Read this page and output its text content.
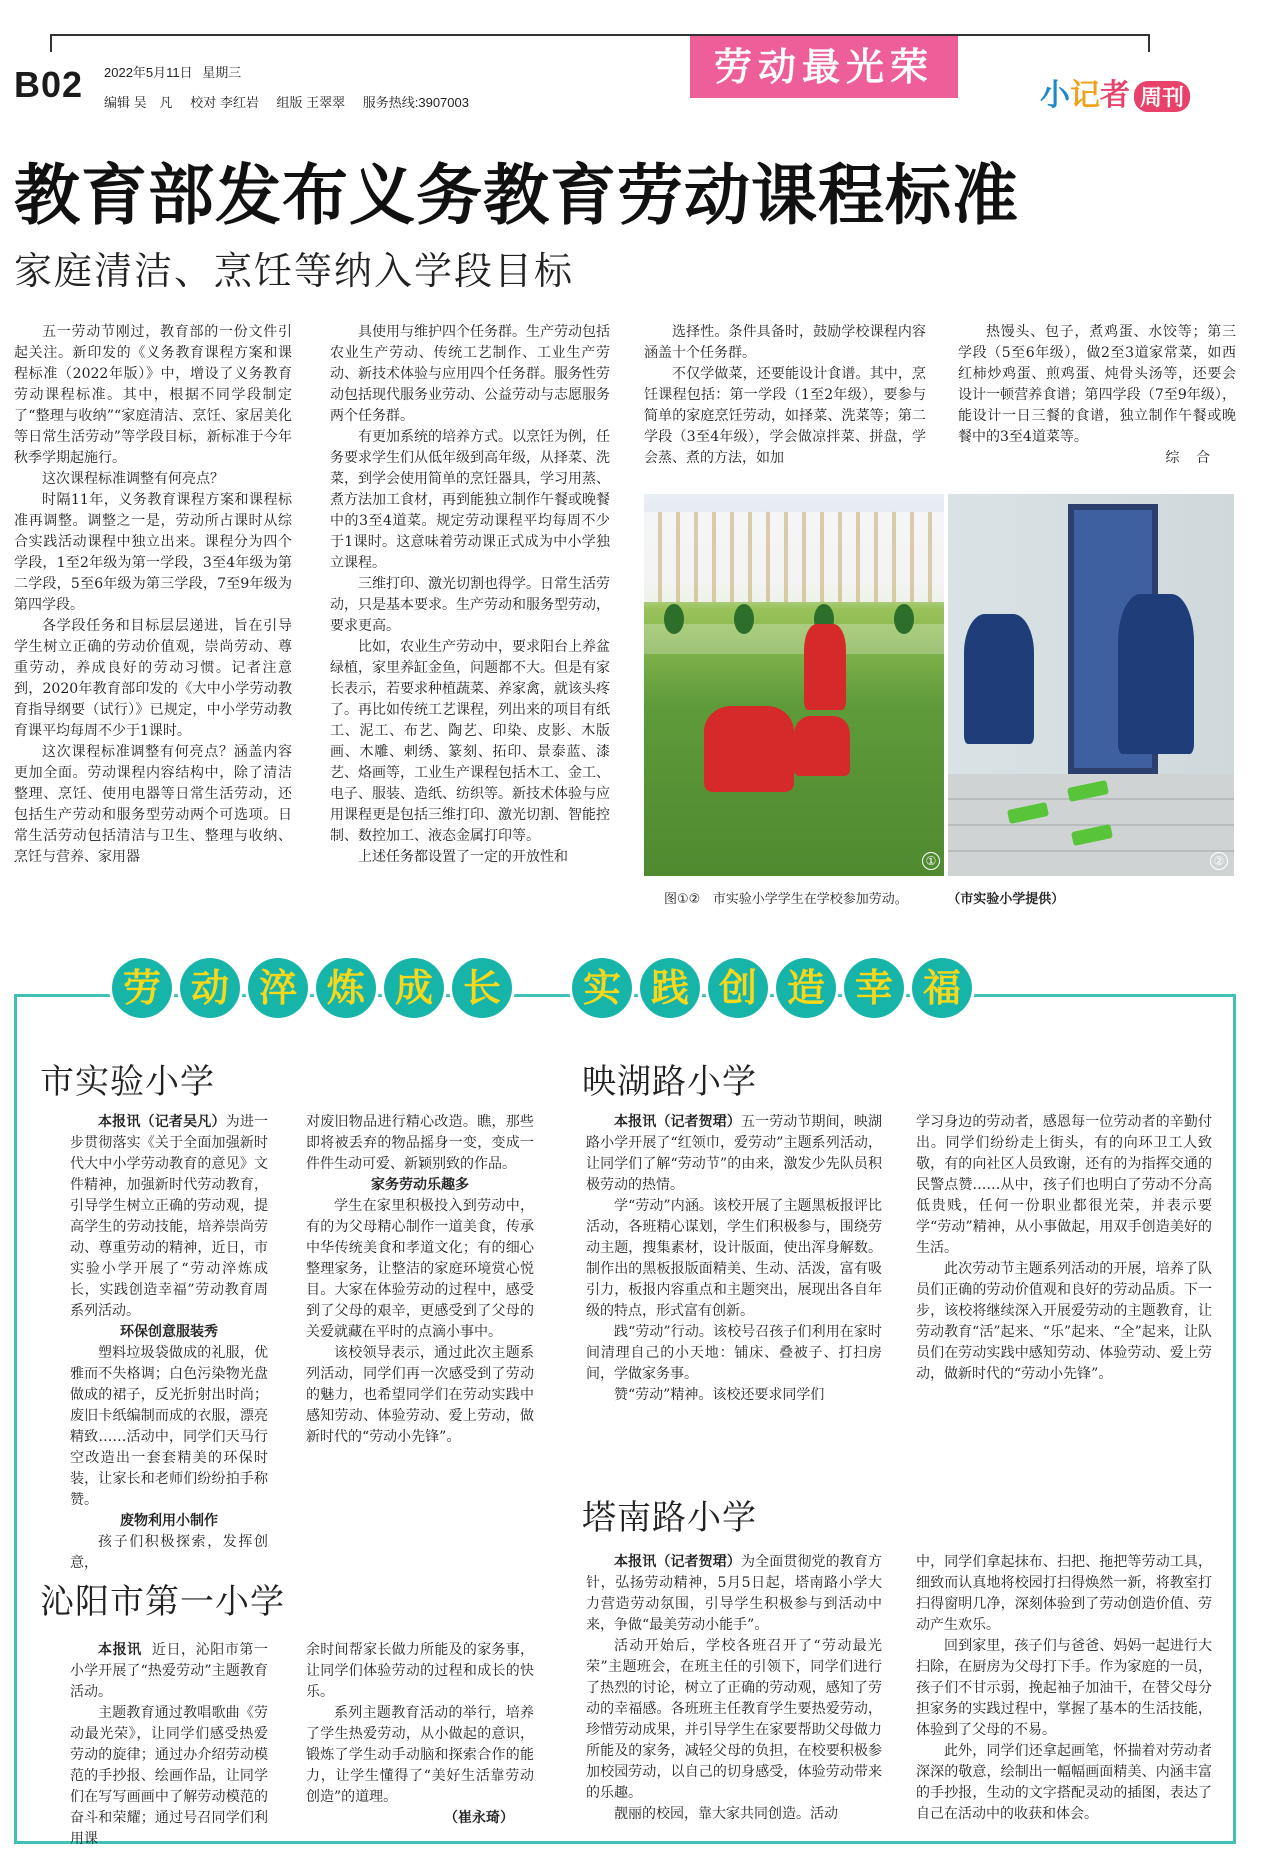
B02 2022年5月11日 星期三
编辑 吴　凡 校对 李红岩 组版 王翠翠 服务热线:3907003
劳动最光荣
小记者 周刊
教育部发布义务教育劳动课程标准
家庭清洁、烹饪等纳入学段目标

五一劳动节刚过，教育部的一份文件引起关注。新印发的《义务教育课程方案和课程标准（2022年版）》中，增设了义务教育劳动课程标准。其中，根据不同学段制定了“整理与收纳”“家庭清洁、烹饪、家居美化等日常生活劳动”等学段目标，新标准于今年秋季学期起施行。

这次课程标准调整有何亮点？

时隔11年，义务教育课程方案和课程标准再调整。调整之一是，劳动所占课时从综合实践活动课程中独立出来。课程分为四个学段，1至2年级为第一学段，3至4年级为第二学段，5至6年级为第三学段，7至9年级为第四学段。

各学段任务和目标层层递进，旨在引导学生树立正确的劳动价值观，崇尚劳动、尊重劳动，养成良好的劳动习惯。记者注意到，2020年教育部印发的《大中小学劳动教育指导纲要（试行）》已规定，中小学劳动教育课平均每周不少于1课时。

这次课程标准调整有何亮点？涵盖内容更加全面。劳动课程内容结构中，除了清洁整理、烹饪、使用电器等日常生活劳动，还包括生产劳动和服务型劳动两个可选项。日常生活劳动包括清洁与卫生、整理与收纳、烹饪与营养、家用器

具使用与维护四个任务群。生产劳动包括农业生产劳动、传统工艺制作、工业生产劳动、新技术体验与应用四个任务群。服务性劳动包括现代服务业劳动、公益劳动与志愿服务两个任务群。

有更加系统的培养方式。以烹饪为例，任务要求学生们从低年级到高年级，从择菜、洗菜，到学会使用简单的烹饪器具，学习用蒸、煮方法加工食材，再到能独立制作午餐或晚餐中的3至4道菜。规定劳动课程平均每周不少于1课时。这意味着劳动课正式成为中小学独立课程。

三维打印、激光切割也得学。日常生活劳动，只是基本要求。生产劳动和服务型劳动，要求更高。

比如，农业生产劳动中，要求阳台上养盆绿植，家里养缸金鱼，问题都不大。但是有家长表示，若要求种植蔬菜、养家禽，就该头疼了。再比如传统工艺课程，列出来的项目有纸工、泥工、布艺、陶艺、印染、皮影、木版画、木雕、剌绣、篆刻、拓印、景泰蓝、漆艺、烙画等，工业生产课程包括木工、金工、电子、服装、造纸、纺织等。新技术体验与应用课程更是包括三维打印、激光切割、智能控制、数控加工、液态金属打印等。

上述任务都设置了一定的开放性和

选择性。条件具备时，鼓励学校课程内容涵盖十个任务群。

不仅学做菜，还要能设计食谱。其中，烹饪课程包括：第一学段（1至2年级），要参与简单的家庭烹饪劳动，如择菜、洗菜等；第二学段（3至4年级），学会做凉拌菜、拼盘，学会蒸、煮的方法，如加

热馒头、包子，煮鸡蛋、水饺等；第三学段（5至6年级），做2至3道家常菜，如西红柿炒鸡蛋、煎鸡蛋、炖骨头汤等，还要会设计一顿营养食谱；第四学段（7至9年级），能设计一日三餐的食谱，独立制作午餐或晚餐中的3至4道菜等。

综 合

①	②
图①② 市实验小学学生在学校参加劳动。	（市实验小学提供）
劳 动 淬 炼 成 长 实 践 创 造 幸 福
市实验小学

本报讯（记者吴凡）为进一步贯彻落实《关于全面加强新时代大中小学劳动教育的意见》文件精神，加强新时代劳动教育，引导学生树立正确的劳动观，提高学生的劳动技能，培养崇尚劳动、尊重劳动的精神，近日，市实验小学开展了“劳动淬炼成长，实践创造幸福”劳动教育周系列活动。

环保创意服装秀

塑料垃圾袋做成的礼服，优雅而不失格调；白色污染物光盘做成的裙子，反光折射出时尚；废旧卡纸编制而成的衣服，漂亮精致……活动中，同学们天马行空改造出一套套精美的环保时装，让家长和老师们纷纷拍手称赞。

废物利用小制作

孩子们积极探索，发挥创意，

对废旧物品进行精心改造。瞧，那些即将被丢弃的物品摇身一变，变成一件件生动可爱、新颖别致的作品。

家务劳动乐趣多

学生在家里积极投入到劳动中，有的为父母精心制作一道美食，传承中华传统美食和孝道文化；有的细心整理家务，让整洁的家庭环境赏心悦目。大家在体验劳动的过程中，感受到了父母的艰辛，更感受到了父母的关爱就藏在平时的点滴小事中。

该校领导表示，通过此次主题系列活动，同学们再一次感受到了劳动的魅力，也希望同学们在劳动实践中感知劳动、体验劳动、爱上劳动，做新时代的“劳动小先锋”。

沁阳市第一小学

本报讯 近日，沁阳市第一小学开展了“热爱劳动”主题教育活动。

主题教育通过教唱歌曲《劳动最光荣》，让同学们感受热爱劳动的旋律；通过办介绍劳动模范的手抄报、绘画作品，让同学们在写写画画中了解劳动模范的奋斗和荣耀；通过号召同学们利用课

余时间帮家长做力所能及的家务事，让同学们体验劳动的过程和成长的快乐。

系列主题教育活动的举行，培养了学生热爱劳动，从小做起的意识，锻炼了学生动手动脑和探索合作的能力，让学生懂得了“美好生活靠劳动创造”的道理。

（崔永琦）

映湖路小学

本报讯（记者贺珺）五一劳动节期间，映湖路小学开展了“红领巾，爱劳动”主题系列活动，让同学们了解“劳动节”的由来，激发少先队员积极劳动的热情。

学“劳动”内涵。该校开展了主题黑板报评比活动，各班精心谋划，学生们积极参与，围绕劳动主题，搜集素材，设计版面，使出浑身解数。制作出的黑板报版面精美、生动、活泼，富有吸引力，板报内容重点和主题突出，展现出各自年级的特点，形式富有创新。

践“劳动”行动。该校号召孩子们利用在家时间清理自己的小天地：铺床、叠被子、打扫房间，学做家务事。

赞“劳动”精神。该校还要求同学们

学习身边的劳动者，感恩每一位劳动者的辛勤付出。同学们纷纷走上街头，有的向环卫工人致敬，有的向社区人员致谢，还有的为指挥交通的民警点赞……从中，孩子们也明白了劳动不分高低贵贱，任何一份职业都很光荣，并表示要学“劳动”精神，从小事做起，用双手创造美好的生活。

此次劳动节主题系列活动的开展，培养了队员们正确的劳动价值观和良好的劳动品质。下一步，该校将继续深入开展爱劳动的主题教育，让劳动教育“活”起来、“乐”起来、“全”起来，让队员们在劳动实践中感知劳动、体验劳动、爱上劳动，做新时代的“劳动小先锋”。

塔南路小学

本报讯（记者贺珺）为全面贯彻党的教育方针，弘扬劳动精神，5月5日起，塔南路小学大力营造劳动氛围，引导学生积极参与到活动中来，争做“最美劳动小能手”。

活动开始后，学校各班召开了“劳动最光荣”主题班会，在班主任的引领下，同学们进行了热烈的讨论，树立了正确的劳动观，感知了劳动的幸福感。各班班主任教育学生要热爱劳动，珍惜劳动成果，并引导学生在家要帮助父母做力所能及的家务，减轻父母的负担，在校要积极参加校园劳动，以自己的切身感受，体验劳动带来的乐趣。

靓丽的校园，靠大家共同创造。活动

中，同学们拿起抹布、扫把、拖把等劳动工具，细致而认真地将校园打扫得焕然一新，将教室打扫得窗明几净，深刻体验到了劳动创造价值、劳动产生欢乐。

回到家里，孩子们与爸爸、妈妈一起进行大扫除，在厨房为父母打下手。作为家庭的一员，孩子们不甘示弱，挽起袖子加油干，在替父母分担家务的实践过程中，掌握了基本的生活技能，体验到了父母的不易。

此外，同学们还拿起画笔，怀揣着对劳动者深深的敬意，绘制出一幅幅画面精美、内涵丰富的手抄报，生动的文字搭配灵动的插图，表达了自己在活动中的收获和体会。
